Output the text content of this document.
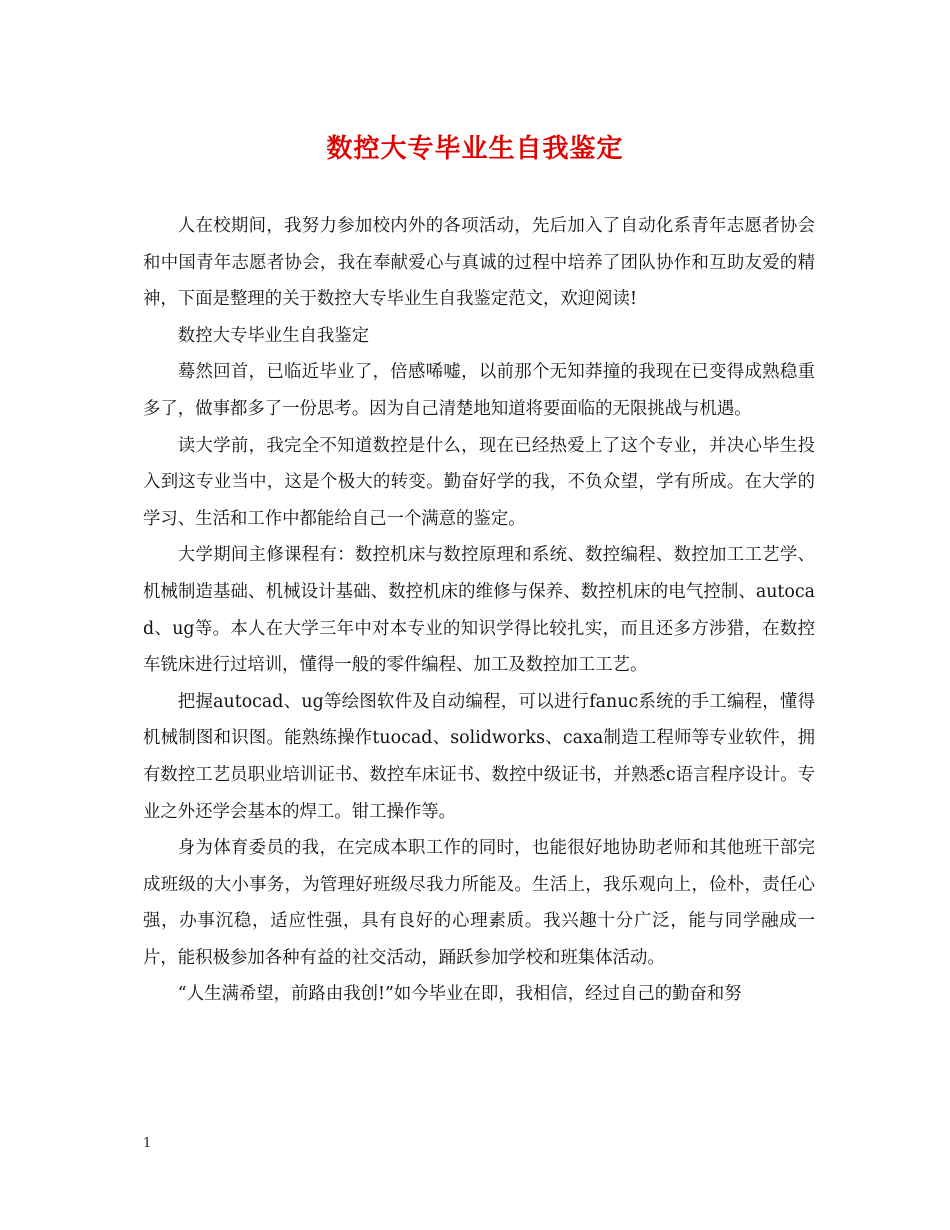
数控大专毕业生自我鉴定

人在校期间，我努力参加校内外的各项活动，先后加入了自动化系青年志愿者协会和中国青年志愿者协会，我在奉献爱心与真诚的过程中培养了团队协作和互助友爱的精神，下面是整理的关于数控大专毕业生自我鉴定范文，欢迎阅读!

数控大专毕业生自我鉴定

蓦然回首，已临近毕业了，倍感唏嘘，以前那个无知莽撞的我现在已变得成熟稳重多了，做事都多了一份思考。因为自己清楚地知道将要面临的无限挑战与机遇。

读大学前，我完全不知道数控是什么，现在已经热爱上了这个专业，并决心毕生投入到这专业当中，这是个极大的转变。勤奋好学的我，不负众望，学有所成。在大学的学习、生活和工作中都能给自己一个满意的鉴定。

大学期间主修课程有：数控机床与数控原理和系统、数控编程、数控加工工艺学、机械制造基础、机械设计基础、数控机床的维修与保养、数控机床的电气控制、autocad、ug等。本人在大学三年中对本专业的知识学得比较扎实，而且还多方涉猎，在数控车铣床进行过培训，懂得一般的零件编程、加工及数控加工工艺。

把握autocad、ug等绘图软件及自动编程，可以进行fanuc系统的手工编程，懂得机械制图和识图。能熟练操作tuocad、solidworks、caxa制造工程师等专业软件，拥有数控工艺员职业培训证书、数控车床证书、数控中级证书，并熟悉c语言程序设计。专业之外还学会基本的焊工。钳工操作等。

身为体育委员的我，在完成本职工作的同时，也能很好地协助老师和其他班干部完成班级的大小事务，为管理好班级尽我力所能及。生活上，我乐观向上，俭朴，责任心强，办事沉稳，适应性强，具有良好的心理素质。我兴趣十分广泛，能与同学融成一片，能积极参加各种有益的社交活动，踊跃参加学校和班集体活动。

“人生满希望，前路由我创!”如今毕业在即，我相信，经过自己的勤奋和努

1
